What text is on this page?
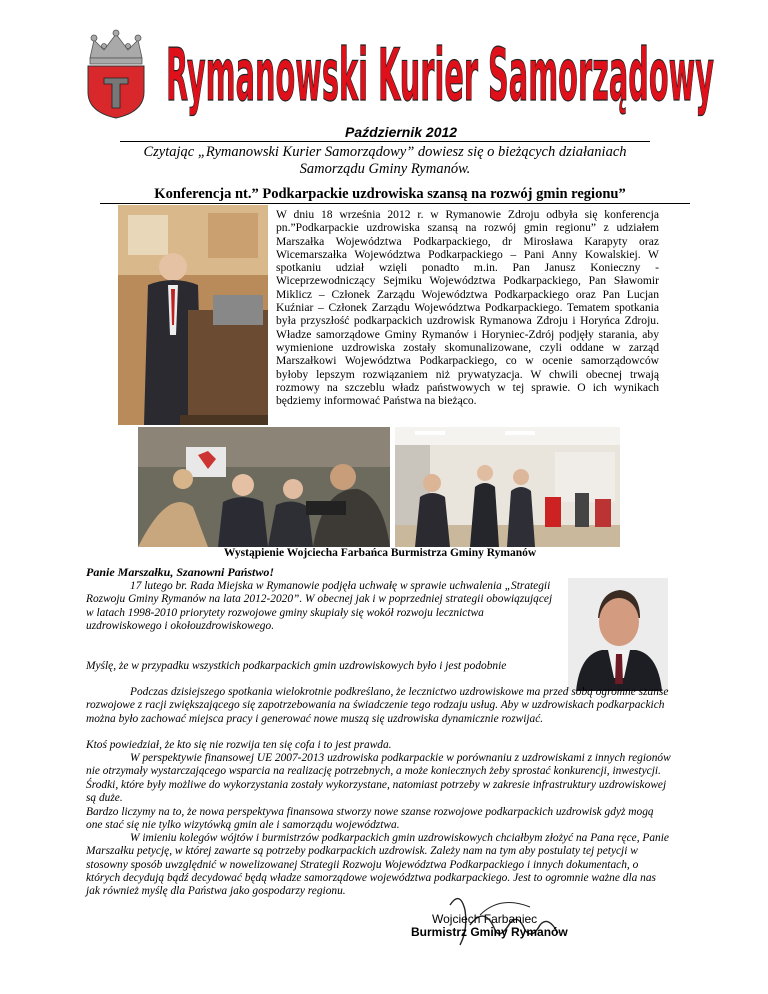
Rymanowski Kurier Samorządowy
Październik 2012
Czytając „Rymanowski Kurier Samorządowy” dowiesz się o bieżących działaniach Samorządu Gminy Rymanów.
Konferencja nt.” Podkarpackie uzdrowiska szansą na rozwój gmin regionu”
W dniu 18 września 2012 r. w Rymanowie Zdroju odbyła się konferencja pn.”Podkarpackie uzdrowiska szansą na rozwój gmin regionu” z udziałem Marszałka Województwa Podkarpackiego, dr Mirosława Karapyty oraz Wicemarszałka Województwa Podkarpackiego – Pani Anny Kowalskiej. W spotkaniu udział wzięli ponadto m.in. Pan Janusz Konieczny - Wiceprzewodniczący Sejmiku Województwa Podkarpackiego, Pan Sławomir Miklicz – Członek Zarządu Województwa Podkarpackiego oraz Pan Lucjan Kuźniar – Członek Zarządu Województwa Podkarpackiego. Tematem spotkania była przyszłość podkarpackich uzdrowisk Rymanowa Zdroju i Horyńca Zdroju. Władze samorządowe Gminy Rymanów i Horyniec-Zdrój podjęły starania, aby wymienione uzdrowiska zostały skomunalizowane, czyli oddane w zarząd Marszałkowi Województwa Podkarpackiego, co w ocenie samorządowców byłoby lepszym rozwiązaniem niż prywatyzacja. W chwili obecnej trwają rozmowy na szczeblu władz państwowych w tej sprawie. O ich wynikach będziemy informować Państwa na bieżąco.
Wystąpienie Wojciecha Farbańca Burmistrza Gminy Rymanów
Panie Marszałku, Szanowni Państwo!

17 lutego br. Rada Miejska w Rymanowie podjęła uchwałę w sprawie uchwalenia „Strategii Rozwoju Gminy Rymanów na lata 2012-2020”. W obecnej jak i w poprzedniej strategii obowiązującej w latach 1998-2010 priorytety rozwojowe gminy skupiały się wokół rozwoju lecznictwa uzdrowiskowego i okołouzdrowiskowego.

Myślę, że w przypadku wszystkich podkarpackich gmin uzdrowiskowych było i jest podobnie

Podczas dzisiejszego spotkania wielokrotnie podkreślano, że lecznictwo uzdrowiskowe ma przed sobą ogromne szanse rozwojowe z racji zwiększającego się zapotrzebowania na świadczenie tego rodzaju usług. Aby w uzdrowiskach podkarpackich można było zachować miejsca pracy i generować nowe muszą się uzdrowiska dynamicznie rozwijać.

Ktoś powiedział, że kto się nie rozwija ten się cofa i to jest prawda.

W perspektywie finansowej UE 2007-2013 uzdrowiska podkarpackie w porównaniu z uzdrowiskami z innych regionów nie otrzymały wystarczającego wsparcia na realizację potrzebnych, a może koniecznych żeby sprostać konkurencji, inwestycji. Środki, które były możliwe do wykorzystania zostały wykorzystane, natomiast potrzeby w zakresie infrastruktury uzdrowiskowej są duże.

Bardzo liczymy na to, że nowa perspektywa finansowa stworzy nowe szanse rozwojowe podkarpackich uzdrowisk gdyż mogą one stać się nie tylko wizytówką gmin ale i samorządu województwa.

W imieniu kolegów wójtów i burmistrzów podkarpackich gmin uzdrowiskowych chciałbym złożyć na Pana ręce, Panie Marszałku petycję, w której zawarte są potrzeby podkarpackich uzdrowisk. Zależy nam na tym aby postulaty tej petycji w stosowny sposób uwzględnić w nowelizowanej Strategii Rozwoju Województwa Podkarpackiego i innych dokumentach, o których decydują bądź decydować będą władze samorządowe województwa podkarpackiego. Jest to ogromnie ważne dla nas jak również myślę dla Państwa jako gospodarzy regionu.

Wojciech Farbaniec
Burmistrz Gminy Rymanów
